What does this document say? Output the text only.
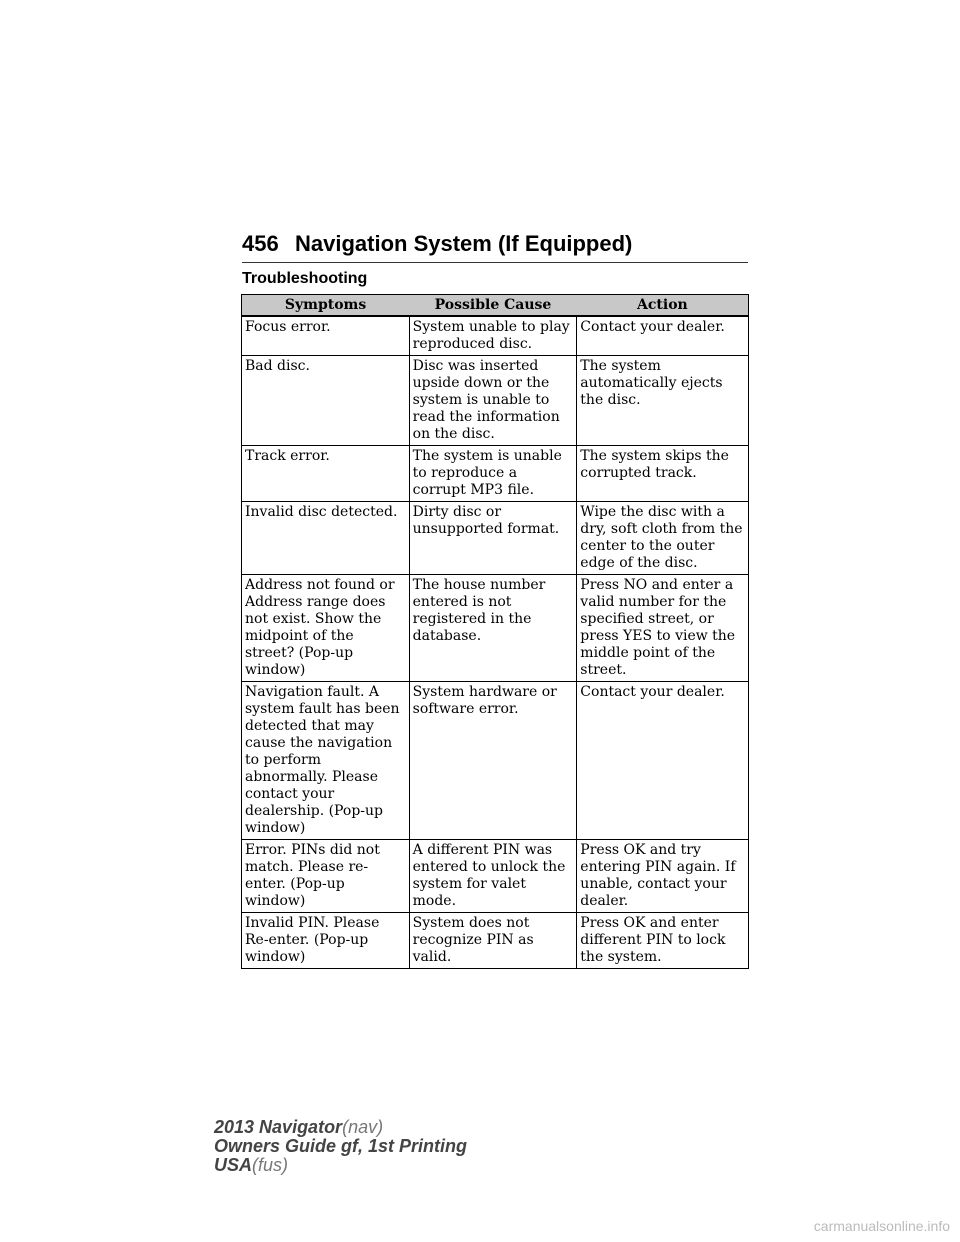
456 Navigation System (If Equipped)
Troubleshooting
Symptoms	Possible Cause	Action
Focus error.	System unable to play reproduced disc.	Contact your dealer.
Bad disc.	Disc was inserted upside down or the system is unable to read the information on the disc.	The system automatically ejects the disc.
Track error.	The system is unable to reproduce a corrupt MP3 file.	The system skips the corrupted track.
Invalid disc detected.	Dirty disc or unsupported format.	Wipe the disc with a dry, soft cloth from the center to the outer edge of the disc.
Address not found or Address range does not exist. Show the midpoint of the street? (Pop-up window)	The house number entered is not registered in the database.	Press NO and enter a valid number for the specified street, or press YES to view the middle point of the street.
Navigation fault. A system fault has been detected that may cause the navigation to perform abnormally. Please contact your dealership. (Pop-up window)	System hardware or software error.	Contact your dealer.
Error. PINs did not match. Please re-enter. (Pop-up window)	A different PIN was entered to unlock the system for valet mode.	Press OK and try entering PIN again. If unable, contact your dealer.
Invalid PIN. Please Re-enter. (Pop-up window)	System does not recognize PIN as valid.	Press OK and enter different PIN to lock the system.
2013 Navigator(nav)
Owners Guide gf, 1st Printing
USA(fus)
carmanualsonline.info
